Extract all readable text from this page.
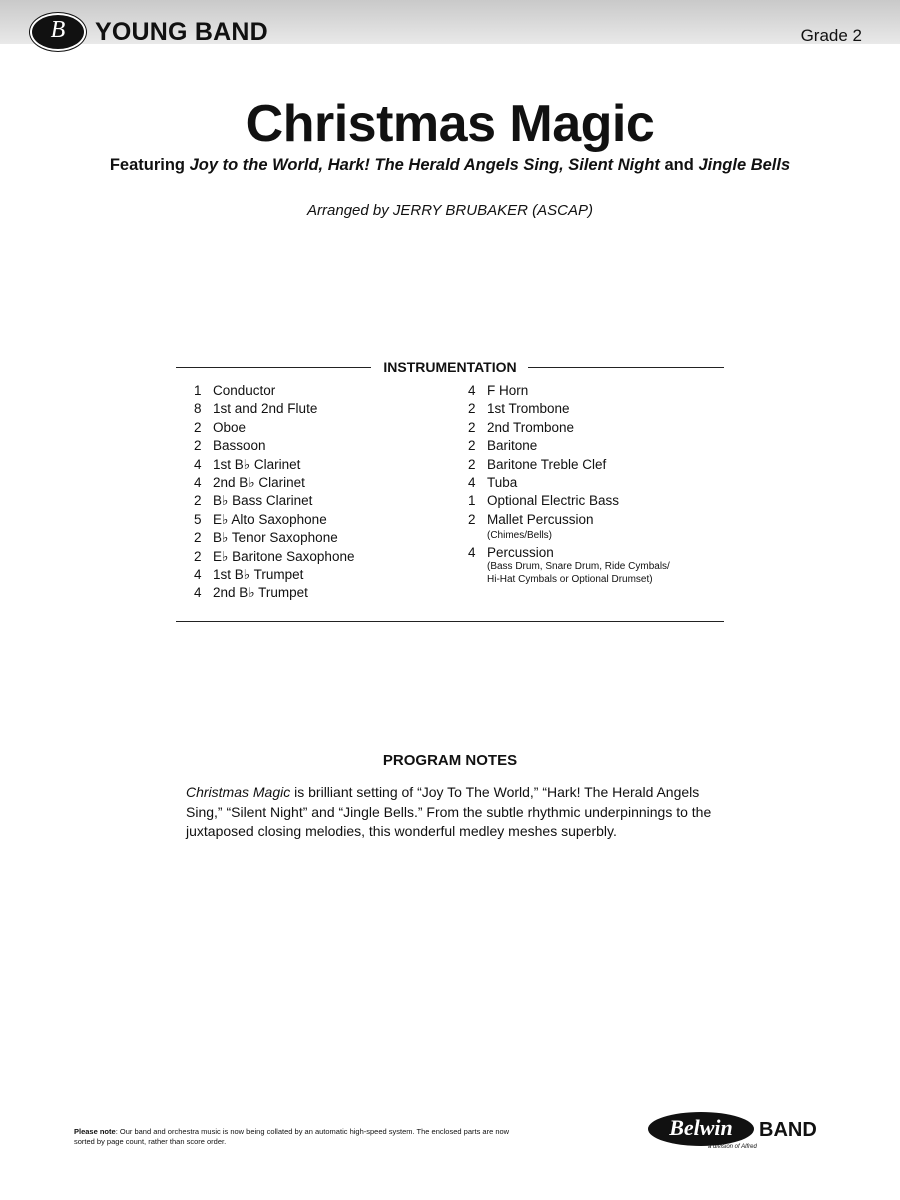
B	YOUNG BAND	Grade 2
Christmas Magic
Featuring Joy to the World, Hark! The Herald Angels Sing, Silent Night and Jingle Bells
Arranged by JERRY BRUBAKER (ASCAP)
INSTRUMENTATION
1 Conductor
8 1st and 2nd Flute
2 Oboe
2 Bassoon
4 1st B♭ Clarinet
4 2nd B♭ Clarinet
2 B♭ Bass Clarinet
5 E♭ Alto Saxophone
2 B♭ Tenor Saxophone
2 E♭ Baritone Saxophone
4 1st B♭ Trumpet
4 2nd B♭ Trumpet
4 F Horn
2 1st Trombone
2 2nd Trombone
2 Baritone
2 Baritone Treble Clef
4 Tuba
1 Optional Electric Bass
2 Mallet Percussion
(Chimes/Bells)
4 Percussion
(Bass Drum, Snare Drum, Ride Cymbals/
Hi-Hat Cymbals or Optional Drumset)
PROGRAM NOTES
Christmas Magic is brilliant setting of “Joy To The World,” “Hark! The Herald Angels Sing,” “Silent Night” and “Jingle Bells.” From the subtle rhythmic underpinnings to the juxtaposed closing melodies, this wonderful medley meshes superbly.
Please note: Our band and orchestra music is now being collated by an automatic high-speed system. The enclosed parts are now sorted by page count, rather than score order.
Belwin	BAND
a division of Alfred
